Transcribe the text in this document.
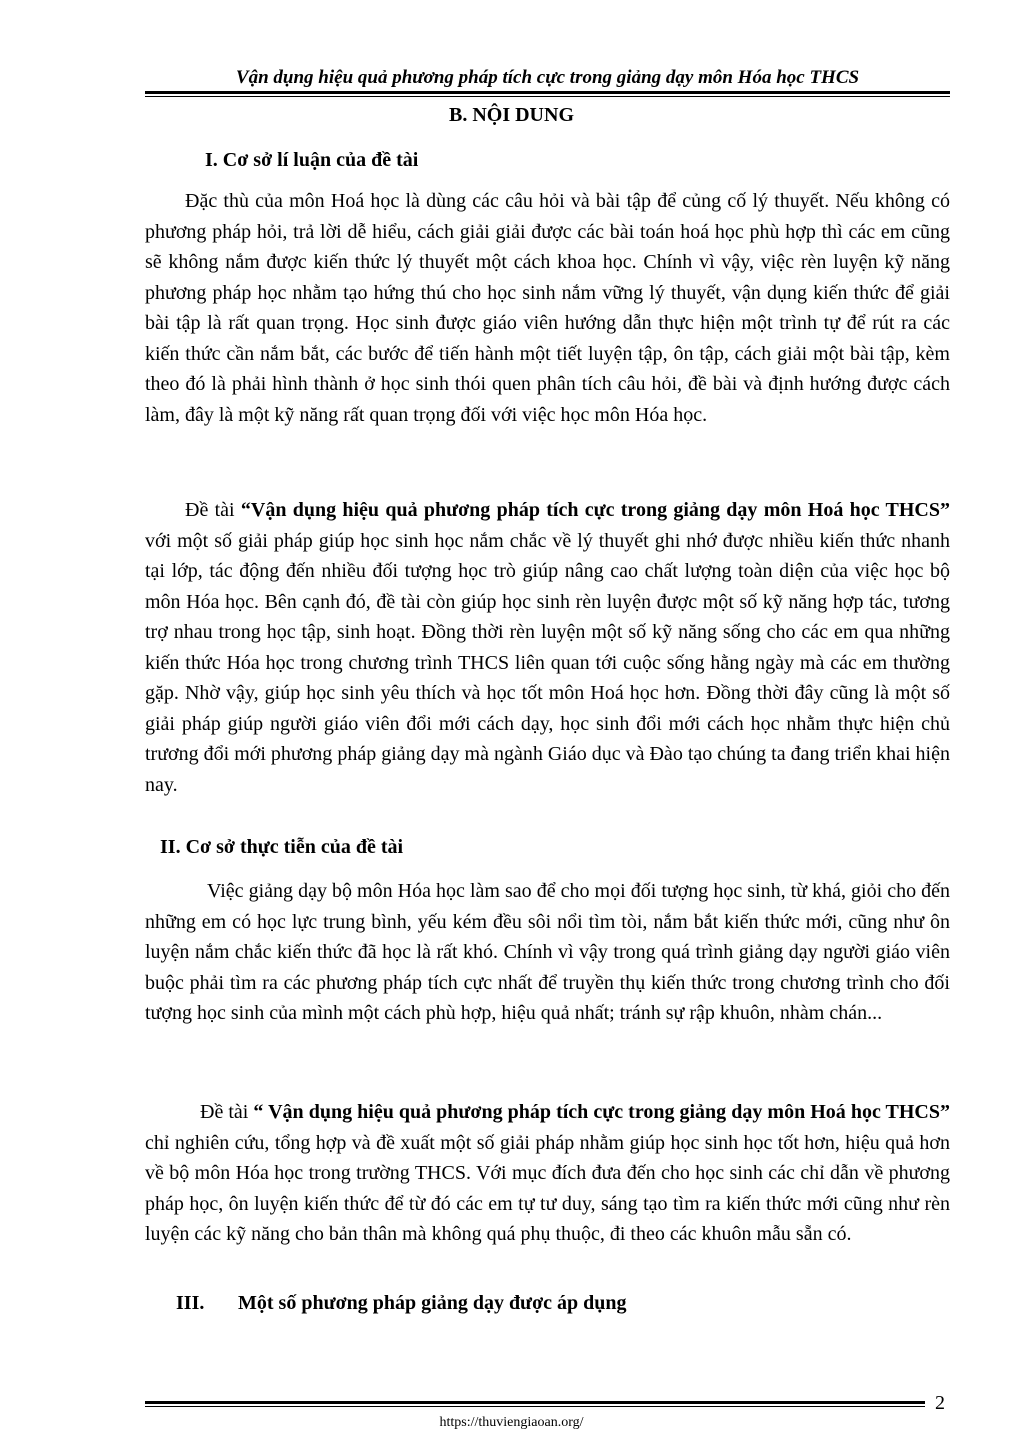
Vận dụng hiệu quả phương pháp tích cực trong giảng dạy môn Hóa học THCS
B. NỘI DUNG
I. Cơ sở lí luận của đề tài

Đặc thù của môn Hoá học là dùng các câu hỏi và bài tập để củng cố lý thuyết. Nếu không có phương pháp hỏi, trả lời dễ hiểu, cách giải giải được các bài toán hoá học phù hợp thì các em cũng sẽ không nắm được kiến thức lý thuyết một cách khoa học. Chính vì vậy, việc rèn luyện kỹ năng phương pháp học nhằm tạo hứng thú cho học sinh nắm vững lý thuyết, vận dụng kiến thức để giải bài tập là rất quan trọng. Học sinh được giáo viên hướng dẫn thực hiện một trình tự để rút ra các kiến thức cần nắm bắt, các bước để tiến hành một tiết luyện tập, ôn tập, cách giải một bài tập, kèm theo đó là phải hình thành ở học sinh thói quen phân tích câu hỏi, đề bài và định hướng được cách làm, đây là một kỹ năng rất quan trọng đối với việc học môn Hóa học.

Đề tài “Vận dụng hiệu quả phương pháp tích cực trong giảng dạy môn Hoá học THCS” với một số giải pháp giúp học sinh học nắm chắc về lý thuyết ghi nhớ được nhiều kiến thức nhanh tại lớp, tác động đến nhiều đối tượng học trò giúp nâng cao chất lượng toàn diện của việc học bộ môn Hóa học. Bên cạnh đó, đề tài còn giúp học sinh rèn luyện được một số kỹ năng hợp tác, tương trợ nhau trong học tập, sinh hoạt. Đồng thời rèn luyện một số kỹ năng sống cho các em qua những kiến thức Hóa học trong chương trình THCS liên quan tới cuộc sống hằng ngày mà các em thường gặp. Nhờ vậy, giúp học sinh yêu thích và học tốt môn Hoá học hơn. Đồng thời đây cũng là một số giải pháp giúp người giáo viên đổi mới cách dạy, học sinh đổi mới cách học nhằm thực hiện chủ trương đổi mới phương pháp giảng dạy mà ngành Giáo dục và Đào tạo chúng ta đang triển khai hiện nay.

II. Cơ sở thực tiễn của đề tài

Việc giảng dạy bộ môn Hóa học làm sao để cho mọi đối tượng học sinh, từ khá, giỏi cho đến những em có học lực trung bình, yếu kém đều sôi nổi tìm tòi, nắm bắt kiến thức mới, cũng như ôn luyện nắm chắc kiến thức đã học là rất khó. Chính vì vậy trong quá trình giảng dạy người giáo viên buộc phải tìm ra các phương pháp tích cực nhất để truyền thụ kiến thức trong chương trình cho đối tượng học sinh của mình một cách phù hợp, hiệu quả nhất; tránh sự rập khuôn, nhàm chán...

Đề tài “ Vận dụng hiệu quả phương pháp tích cực trong giảng dạy môn Hoá học THCS” chỉ nghiên cứu, tổng hợp và đề xuất một số giải pháp nhằm giúp học sinh học tốt hơn, hiệu quả hơn về bộ môn Hóa học trong trường THCS. Với mục đích đưa đến cho học sinh các chỉ dẫn về phương pháp học, ôn luyện kiến thức để từ đó các em tự tư duy, sáng tạo tìm ra kiến thức mới cũng như rèn luyện các kỹ năng cho bản thân mà không quá phụ thuộc, đi theo các khuôn mẫu sẵn có.

III. Một số phương pháp giảng dạy được áp dụng
2
https://thuviengiaoan.org/
